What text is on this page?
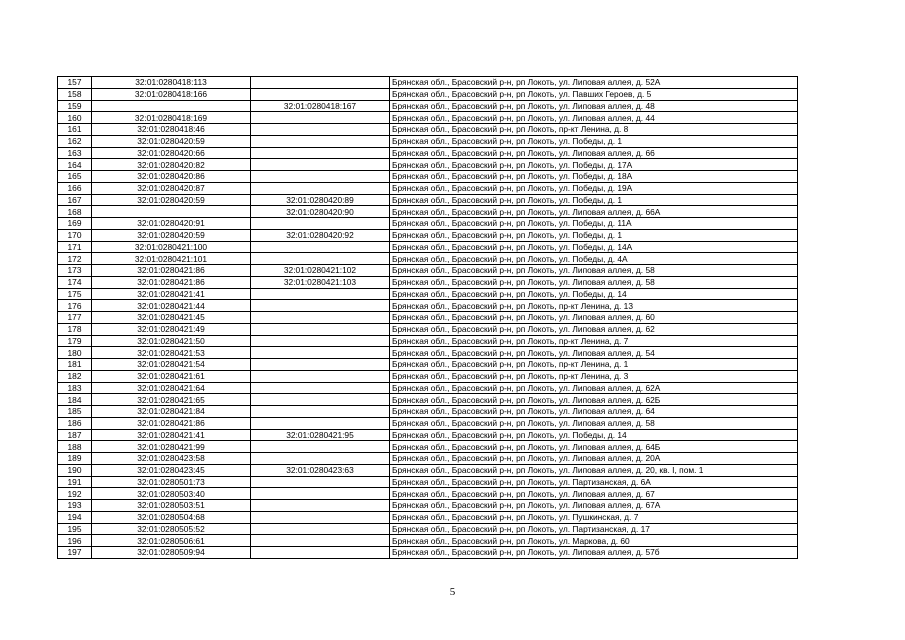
157	32:01:0280418:113		Брянская обл., Брасовский р-н, рп Локоть, ул. Липовая аллея, д. 52А
158	32:01:0280418:166		Брянская обл., Брасовский р-н, рп Локоть, ул. Павших Героев, д. 5
159		32:01:0280418:167	Брянская обл., Брасовский р-н, рп Локоть, ул. Липовая аллея, д. 48
160	32:01:0280418:169		Брянская обл., Брасовский р-н, рп Локоть, ул. Липовая аллея, д. 44
161	32:01:0280418:46		Брянская обл., Брасовский р-н, рп Локоть, пр-кт Ленина, д. 8
162	32:01:0280420:59		Брянская обл., Брасовский р-н, рп Локоть, ул. Победы, д. 1
163	32:01:0280420:66		Брянская обл., Брасовский р-н, рп Локоть, ул. Липовая аллея, д. 66
164	32:01:0280420:82		Брянская обл., Брасовский р-н, рп Локоть, ул. Победы, д. 17А
165	32:01:0280420:86		Брянская обл., Брасовский р-н, рп Локоть, ул. Победы, д. 18А
166	32:01:0280420:87		Брянская обл., Брасовский р-н, рп Локоть, ул. Победы, д. 19А
167	32:01:0280420:59	32:01:0280420:89	Брянская обл., Брасовский р-н, рп Локоть, ул. Победы, д. 1
168		32:01:0280420:90	Брянская обл., Брасовский р-н, рп Локоть, ул. Липовая аллея, д. 66А
169	32:01:0280420:91		Брянская обл., Брасовский р-н, рп Локоть, ул. Победы, д. 11А
170	32:01:0280420:59	32:01:0280420:92	Брянская обл., Брасовский р-н, рп Локоть, ул. Победы, д. 1
171	32:01:0280421:100		Брянская обл., Брасовский р-н, рп Локоть, ул. Победы, д. 14А
172	32:01:0280421:101		Брянская обл., Брасовский р-н, рп Локоть, ул. Победы, д. 4А
173	32:01:0280421:86	32:01:0280421:102	Брянская обл., Брасовский р-н, рп Локоть, ул. Липовая аллея, д. 58
174	32:01:0280421:86	32:01:0280421:103	Брянская обл., Брасовский р-н, рп Локоть, ул. Липовая аллея, д. 58
175	32:01:0280421:41		Брянская обл., Брасовский р-н, рп Локоть, ул. Победы, д. 14
176	32:01:0280421:44		Брянская обл., Брасовский р-н, рп Локоть, пр-кт Ленина, д. 13
177	32:01:0280421:45		Брянская обл., Брасовский р-н, рп Локоть, ул. Липовая аллея, д. 60
178	32:01:0280421:49		Брянская обл., Брасовский р-н, рп Локоть, ул. Липовая аллея, д. 62
179	32:01:0280421:50		Брянская обл., Брасовский р-н, рп Локоть, пр-кт Ленина, д. 7
180	32:01:0280421:53		Брянская обл., Брасовский р-н, рп Локоть, ул. Липовая аллея, д. 54
181	32:01:0280421:54		Брянская обл., Брасовский р-н, рп Локоть, пр-кт Ленина, д. 1
182	32:01:0280421:61		Брянская обл., Брасовский р-н, рп Локоть, пр-кт Ленина, д. 3
183	32:01:0280421:64		Брянская обл., Брасовский р-н, рп Локоть, ул. Липовая аллея, д. 62А
184	32:01:0280421:65		Брянская обл., Брасовский р-н, рп Локоть, ул. Липовая аллея, д. 62Б
185	32:01:0280421:84		Брянская обл., Брасовский р-н, рп Локоть, ул. Липовая аллея, д. 64
186	32:01:0280421:86		Брянская обл., Брасовский р-н, рп Локоть, ул. Липовая аллея, д. 58
187	32:01:0280421:41	32:01:0280421:95	Брянская обл., Брасовский р-н, рп Локоть, ул. Победы, д. 14
188	32:01:0280421:99		Брянская обл., Брасовский р-н, рп Локоть, ул. Липовая аллея, д. 64Б
189	32:01:0280423:58		Брянская обл., Брасовский р-н, рп Локоть, ул. Липовая аллея, д. 20А
190	32:01:0280423:45	32:01:0280423:63	Брянская обл., Брасовский р-н, рп Локоть, ул. Липовая аллея, д. 20, кв. I, пом. 1
191	32:01:0280501:73		Брянская обл., Брасовский р-н, рп Локоть, ул. Партизанская, д. 6А
192	32:01:0280503:40		Брянская обл., Брасовский р-н, рп Локоть, ул. Липовая аллея, д. 67
193	32:01:0280503:51		Брянская обл., Брасовский р-н, рп Локоть, ул. Липовая аллея, д. 67А
194	32:01:0280504:68		Брянская обл., Брасовский р-н, рп Локоть, ул. Пушкинская, д. 7
195	32:01:0280505:52		Брянская обл., Брасовский р-н, рп Локоть, ул. Партизанская, д. 17
196	32:01:0280506:61		Брянская обл., Брасовский р-н, рп Локоть, ул. Маркова, д. 60
197	32:01:0280509:94		Брянская обл., Брасовский р-н, рп Локоть, ул. Липовая аллея, д. 57б
5
